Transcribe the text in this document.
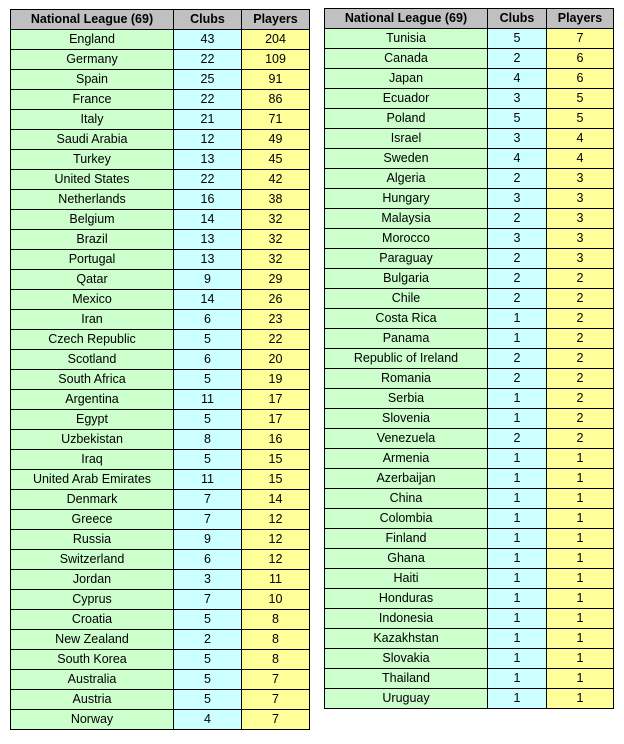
National League (69)	Clubs	Players
England	43	204
Germany	22	109
Spain	25	91
France	22	86
Italy	21	71
Saudi Arabia	12	49
Turkey	13	45
United States	22	42
Netherlands	16	38
Belgium	14	32
Brazil	13	32
Portugal	13	32
Qatar	9	29
Mexico	14	26
Iran	6	23
Czech Republic	5	22
Scotland	6	20
South Africa	5	19
Argentina	11	17
Egypt	5	17
Uzbekistan	8	16
Iraq	5	15
United Arab Emirates	11	15
Denmark	7	14
Greece	7	12
Russia	9	12
Switzerland	6	12
Jordan	3	11
Cyprus	7	10
Croatia	5	8
New Zealand	2	8
South Korea	5	8
Australia	5	7
Austria	5	7
Norway	4	7
National League (69)	Clubs	Players
Tunisia	5	7
Canada	2	6
Japan	4	6
Ecuador	3	5
Poland	5	5
Israel	3	4
Sweden	4	4
Algeria	2	3
Hungary	3	3
Malaysia	2	3
Morocco	3	3
Paraguay	2	3
Bulgaria	2	2
Chile	2	2
Costa Rica	1	2
Panama	1	2
Republic of Ireland	2	2
Romania	2	2
Serbia	1	2
Slovenia	1	2
Venezuela	2	2
Armenia	1	1
Azerbaijan	1	1
China	1	1
Colombia	1	1
Finland	1	1
Ghana	1	1
Haiti	1	1
Honduras	1	1
Indonesia	1	1
Kazakhstan	1	1
Slovakia	1	1
Thailand	1	1
Uruguay	1	1
